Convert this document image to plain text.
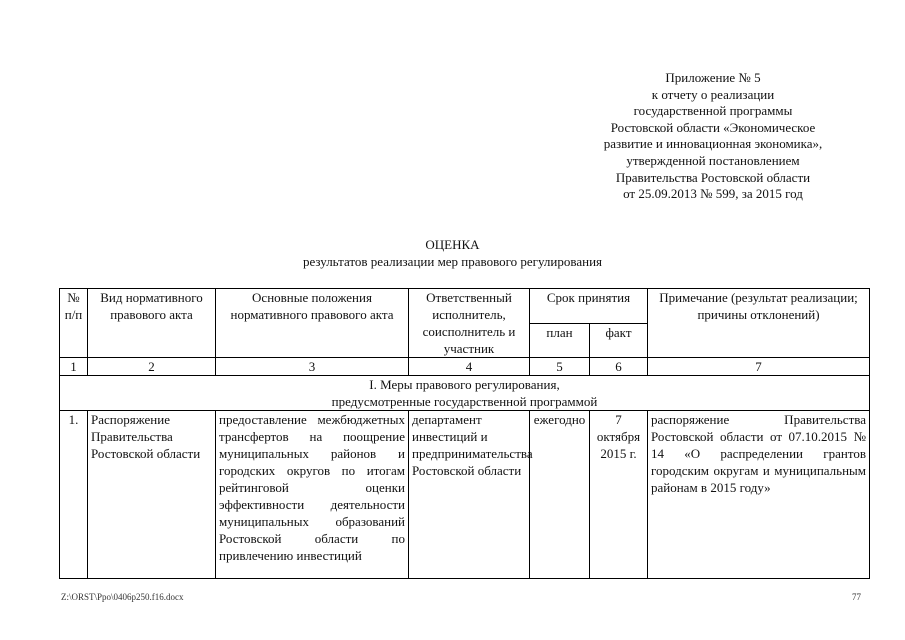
Приложение № 5
к отчету о реализации
государственной программы
Ростовской области «Экономическое
развитие и инновационная экономика»,
утвержденной постановлением
Правительства Ростовской области
от 25.09.2013 № 599, за 2015 год
ОЦЕНКА
результатов реализации мер правового регулирования
№ п/п	Вид нормативного правового акта	Основные положения нормативного правового акта	Ответственный исполнитель, соисполнитель и участник	Срок принятия		Примечание (результат реализации; причины отклонений)
				план	факт	
1	2	3	4	5	6	7

I. Меры правового регулирования,
предусмотренные государственной программой						

1.	Распоряжение Правительства Ростовской области	предоставление межбюджетных трансфертов на поощрение муниципальных районов и городских округов по итогам рейтинговой оценки эффективности деятельности муниципальных образований Ростовской области по привлечению инвестиций	департамент инвестиций и предпринимательства Ростовской области	ежегодно	7 октября 2015 г.	распоряжение Правительства Ростовской области от 07.10.2015 № 14 «О распределении грантов городским округам и муниципальным районам в 2015 году»
Z:\ORST\Ppo\0406p250.f16.docx	77
